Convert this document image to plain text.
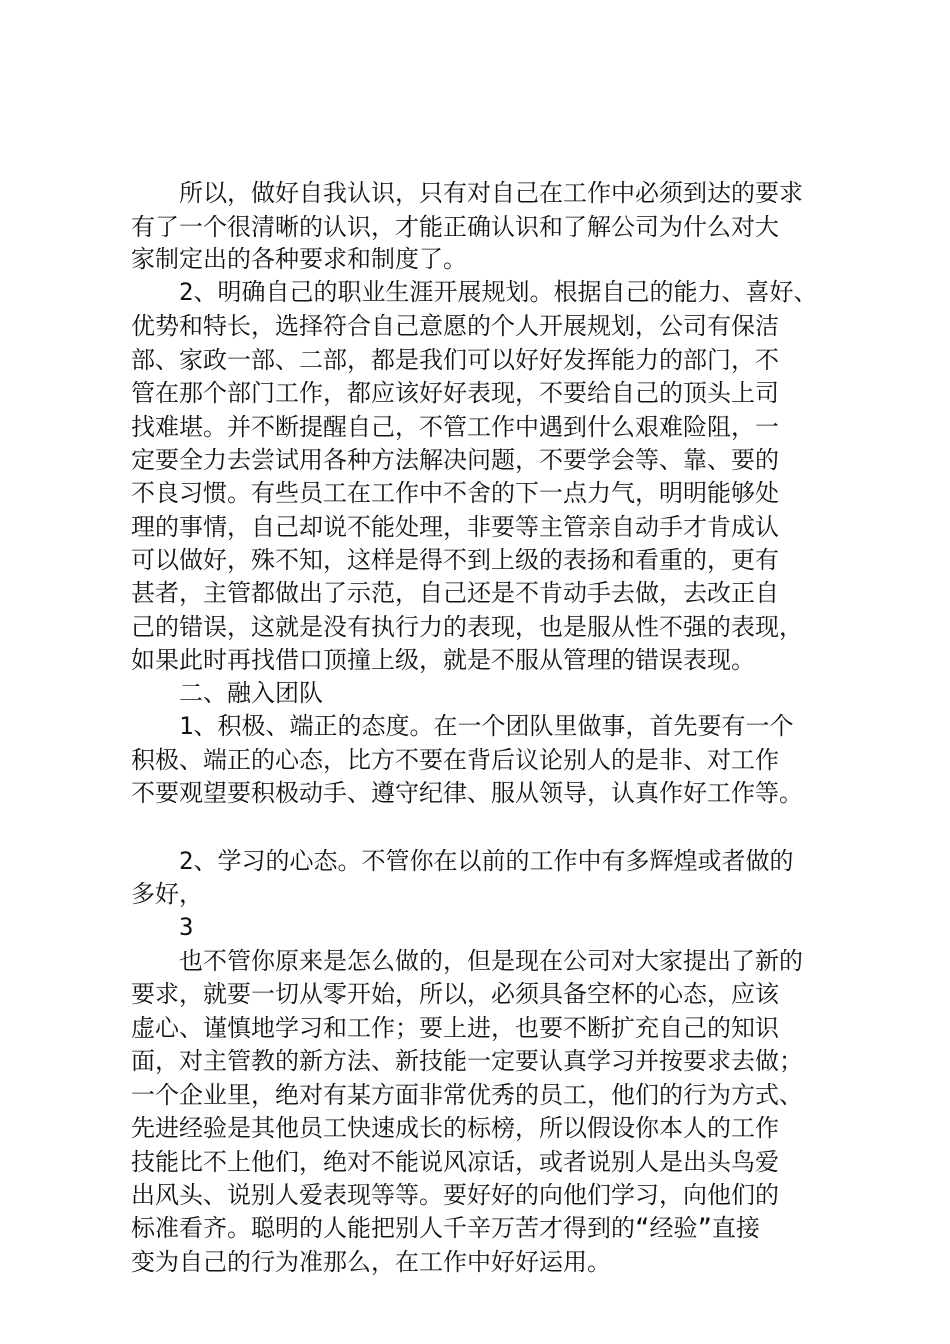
所以，做好自我认识，只有对自己在工作中必须到达的要求
有了一个很清晰的认识，才能正确认识和了解公司为什么对大
家制定出的各种要求和制度了。
2、明确自己的职业生涯开展规划。根据自己的能力、喜好、
优势和特长，选择符合自己意愿的个人开展规划，公司有保洁
部、家政一部、二部，都是我们可以好好发挥能力的部门，不
管在那个部门工作，都应该好好表现，不要给自己的顶头上司
找难堪。并不断提醒自己，不管工作中遇到什么艰难险阻，一
定要全力去尝试用各种方法解决问题，不要学会等、靠、要的
不良习惯。有些员工在工作中不舍的下一点力气，明明能够处
理的事情，自己却说不能处理，非要等主管亲自动手才肯成认
可以做好，殊不知，这样是得不到上级的表扬和看重的，更有
甚者，主管都做出了示范，自己还是不肯动手去做，去改正自
己的错误，这就是没有执行力的表现，也是服从性不强的表现，
如果此时再找借口顶撞上级，就是不服从管理的错误表现。
二、融入团队
1、积极、端正的态度。在一个团队里做事，首先要有一个
积极、端正的心态，比方不要在背后议论别人的是非、对工作
不要观望要积极动手、遵守纪律、服从领导，认真作好工作等。
2、学习的心态。不管你在以前的工作中有多辉煌或者做的
多好，
3
也不管你原来是怎么做的，但是现在公司对大家提出了新的
要求，就要一切从零开始，所以，必须具备空杯的心态，应该
虚心、谨慎地学习和工作；要上进，也要不断扩充自己的知识
面，对主管教的新方法、新技能一定要认真学习并按要求去做；
一个企业里，绝对有某方面非常优秀的员工，他们的行为方式、
先进经验是其他员工快速成长的标榜，所以假设你本人的工作
技能比不上他们，绝对不能说风凉话，或者说别人是出头鸟爱
出风头、说别人爱表现等等。要好好的向他们学习，向他们的
标准看齐。聪明的人能把别人千辛万苦才得到的“经验”直接
变为自己的行为准那么，在工作中好好运用。
